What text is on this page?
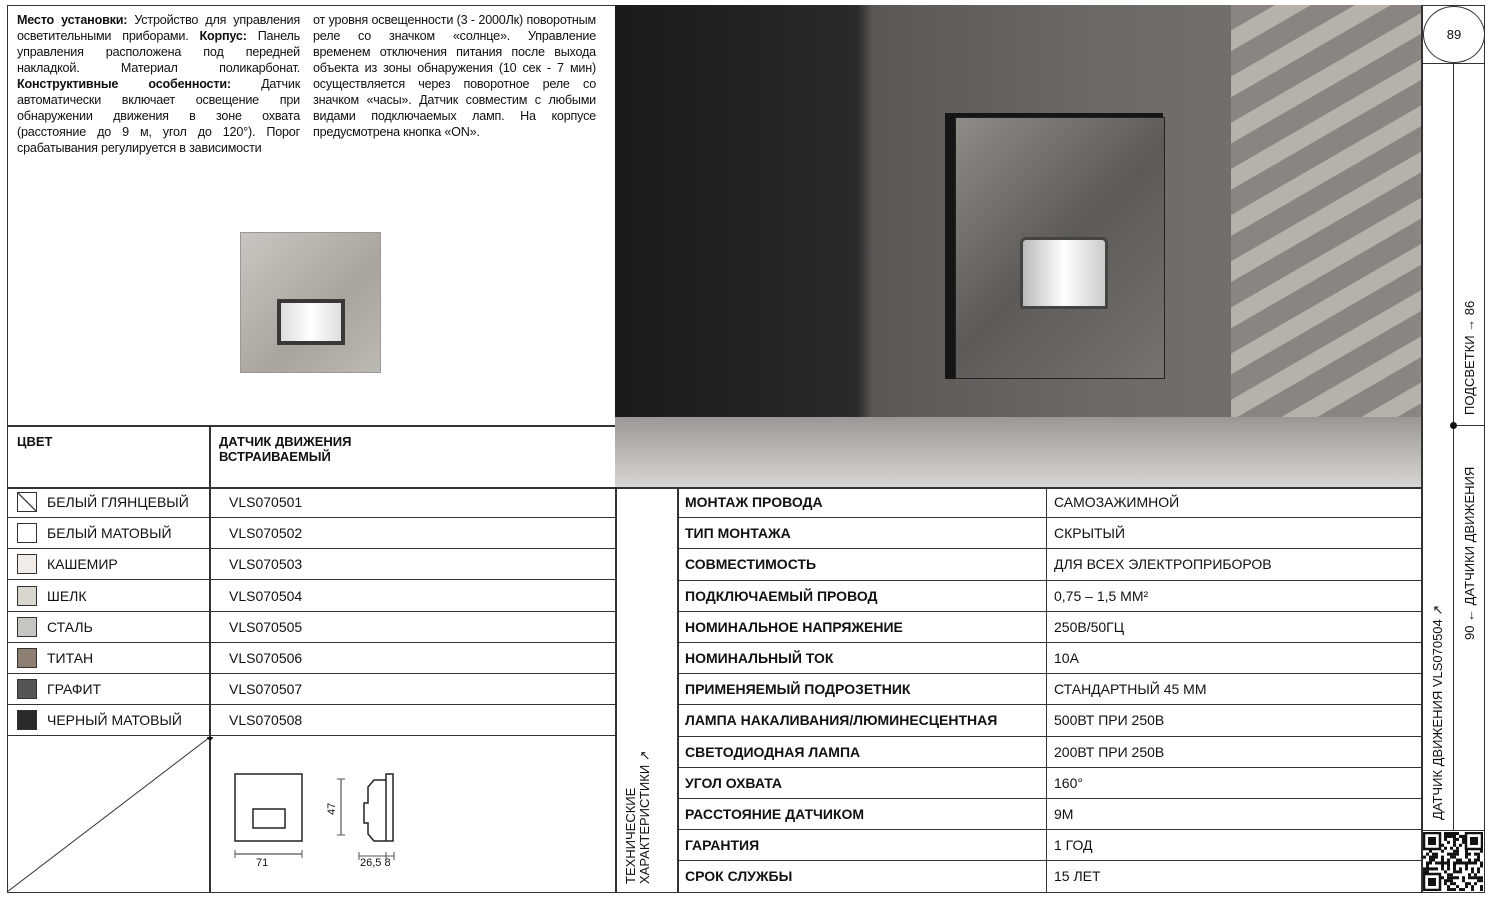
Место установки: Устройство для управления осветительными приборами. Корпус: Панель управления расположена под передней накладкой. Материал поликарбонат. Конструктивные особенности: Датчик автоматически включает освещение при обнаружении движения в зоне охвата (расстояние до 9 м, угол до 120°). Порог срабатывания регулируется в зависимости
от уровня освещенности (3 - 2000Лк) поворотным реле со значком «солнце». Управление временем отключения питания после выхода объекта из зоны обнаружения (10 сек - 7 мин) осуществляется через поворотное реле со значком «часы». Датчик совместим с любыми видами подключаемых ламп. На корпусе предусмотрена кнопка «ON».
ЦВЕТ	ДАТЧИК ДВИЖЕНИЯ ВСТРАИВАЕМЫЙ
БЕЛЫЙ ГЛЯНЦЕВЫЙ	VLS070501
БЕЛЫЙ МАТОВЫЙ	VLS070502
КАШЕМИР	VLS070503
ШЕЛК	VLS070504
СТАЛЬ	VLS070505
ТИТАН	VLS070506
ГРАФИТ	VLS070507
ЧЕРНЫЙ МАТОВЫЙ	VLS070508
71
47
26,5 8	ТЕХНИЧЕСКИЕ ХАРАКТЕРИСТИКИ ↗
МОНТАЖ ПРОВОДА	САМОЗАЖИМНОЙ
ТИП МОНТАЖА	СКРЫТЫЙ
СОВМЕСТИМОСТЬ	ДЛЯ ВСЕХ ЭЛЕКТРОПРИБОРОВ
ПОДКЛЮЧАЕМЫЙ ПРОВОД	0,75 – 1,5 ММ²
НОМИНАЛЬНОЕ НАПРЯЖЕНИЕ	250В/50ГЦ
НОМИНАЛЬНЫЙ ТОК	10А
ПРИМЕНЯЕМЫЙ ПОДРОЗЕТНИК	СТАНДАРТНЫЙ 45 ММ
ЛАМПА НАКАЛИВАНИЯ/ЛЮМИНЕСЦЕНТНАЯ	500ВТ ПРИ 250В
СВЕТОДИОДНАЯ ЛАМПА	200ВТ ПРИ 250В
УГОЛ ОХВАТА	160°
РАССТОЯНИЕ ДАТЧИКОМ	9М
ГАРАНТИЯ	1 ГОД
СРОК СЛУЖБЫ	15 ЛЕТ
89
ДАТЧИК ДВИЖЕНИЯ VLS070504 ↗
90 ← ДАТЧИКИ ДВИЖЕНИЯ
ПОДСВЕТКИ → 86
